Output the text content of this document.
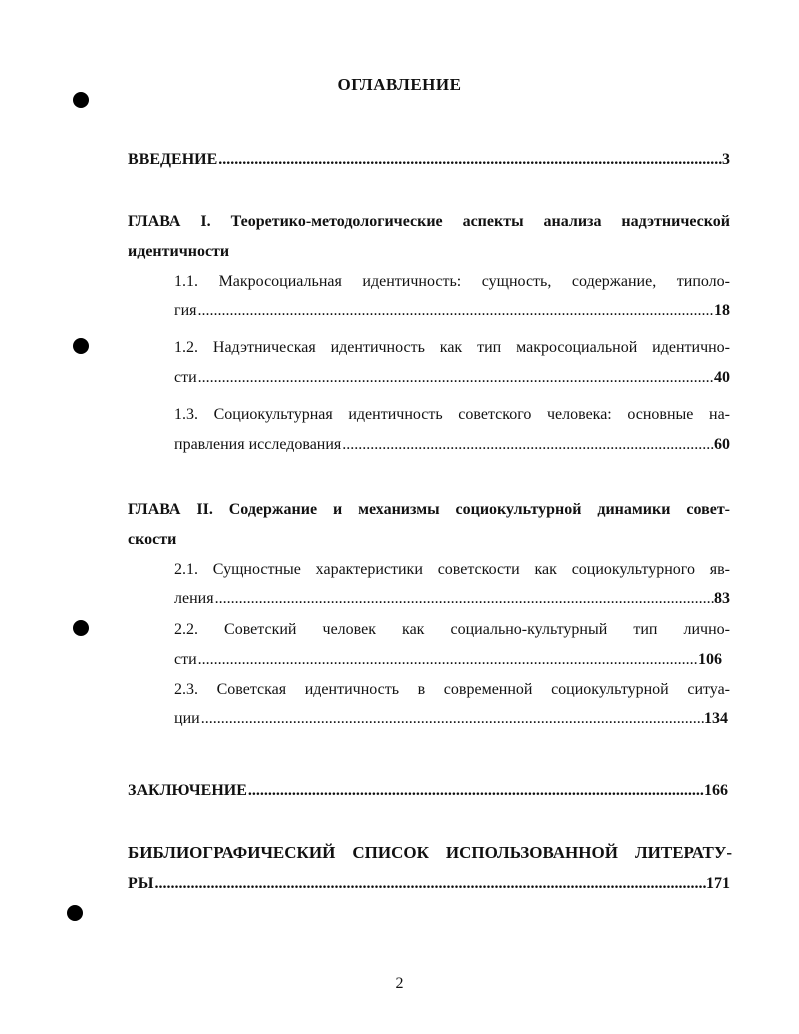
ОГЛАВЛЕНИЕ
ВВЕДЕНИЕ .....	3
ГЛАВА I. Теоретико-методологические аспекты анализа надэтнической
идентичности
1.1. Макросоциальная идентичность: сущность, содержание, типоло-
гия .....	18
1.2. Надэтническая идентичность как тип макросоциальной идентично-
сти .....	40
1.3. Социокультурная идентичность советского человека: основные на-
правления исследования .....	60
ГЛАВА II. Содержание и механизмы социокультурной динамики совет-
скости
2.1. Сущностные характеристики советскости как социокультурного яв-
ления .....	83
2.2. Советский человек как социально-культурный тип лично-
сти .....	106
2.3. Советская идентичность в современной социокультурной ситуа-
ции .....	134
ЗАКЛЮЧЕНИЕ .....	166
БИБЛИОГРАФИЧЕСКИЙ СПИСОК ИСПОЛЬЗОВАННОЙ ЛИТЕРАТУ-
РЫ .....	171
2
